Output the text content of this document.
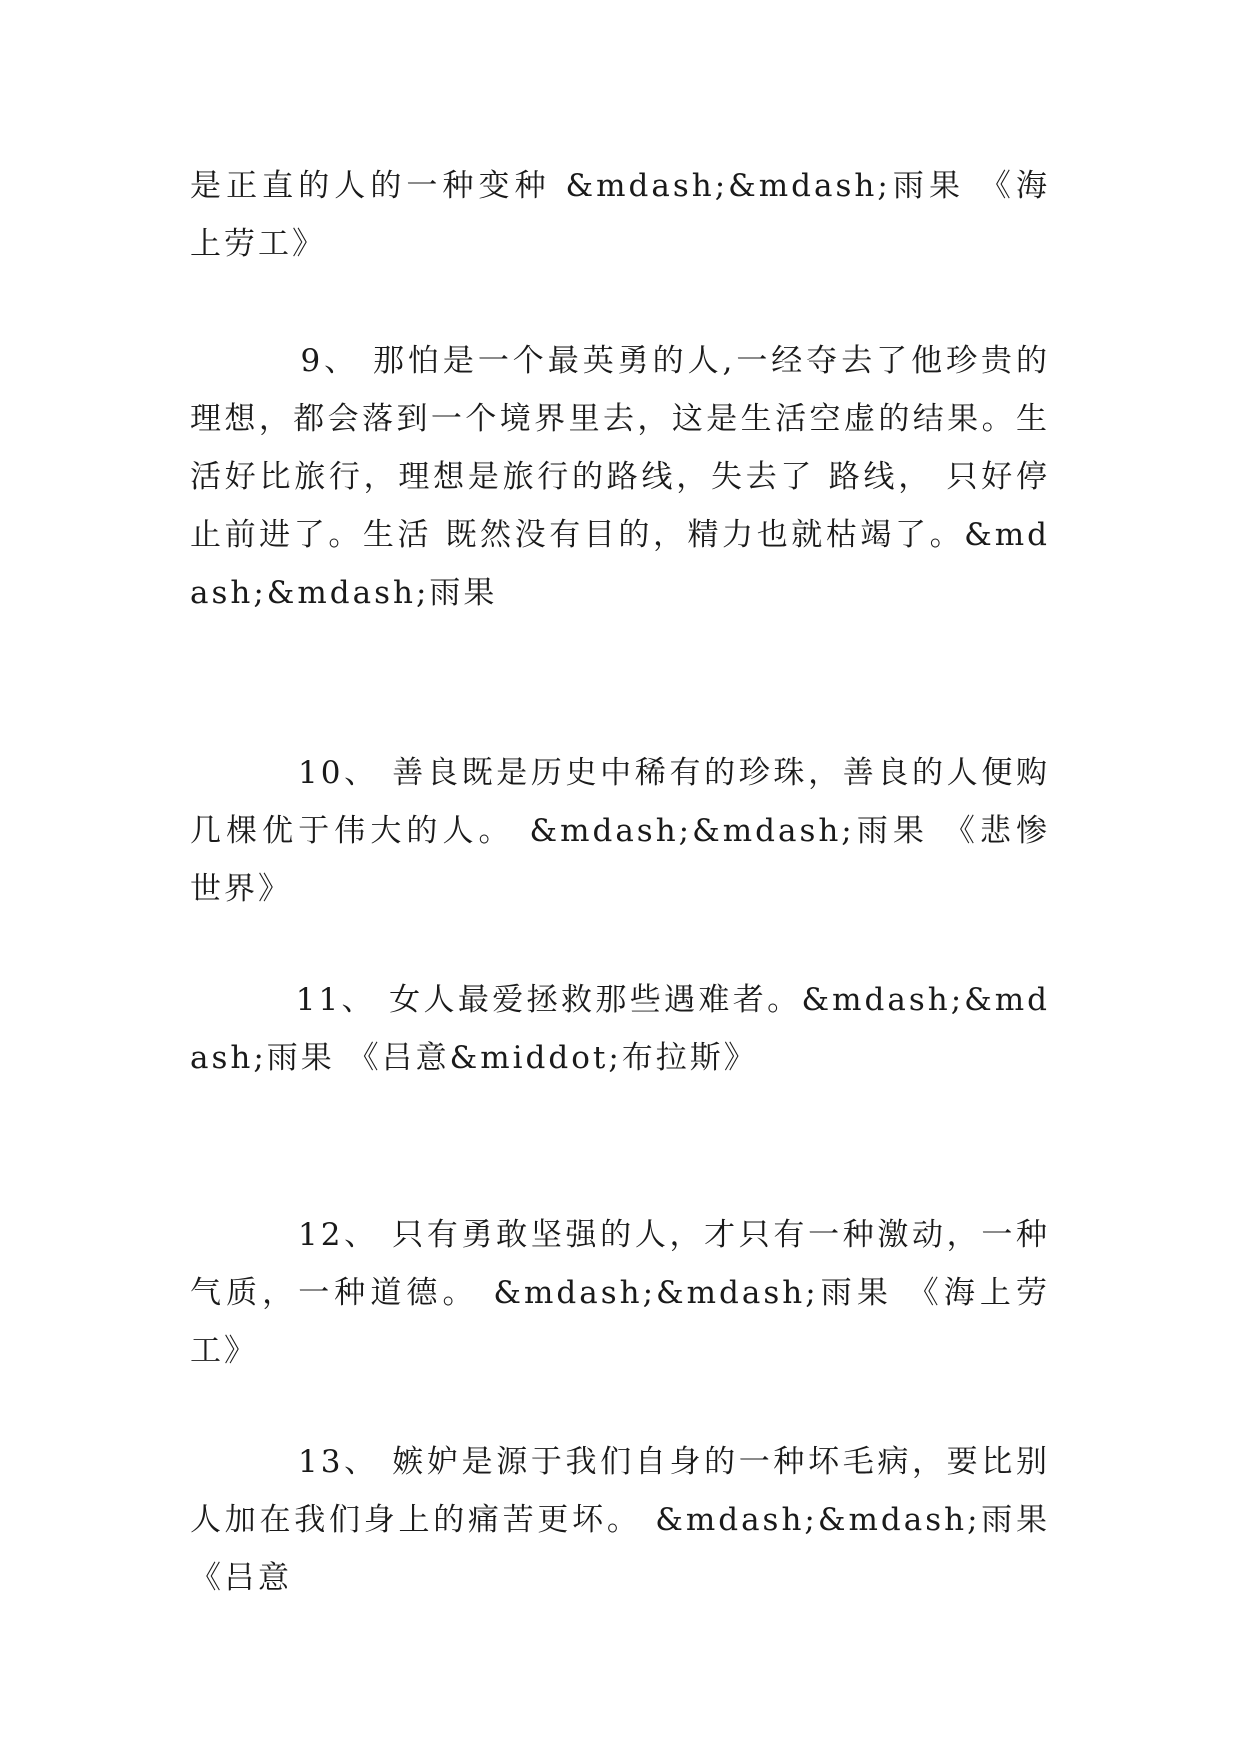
是正直的人的一种变种 &mdash;&mdash;雨果 《海上劳工》

9、 那怕是一个最英勇的人,一经夺去了他珍贵的理想，都会落到一个境界里去，这是生活空虚的结果。生活好比旅行，理想是旅行的路线，失去了 路线， 只好停止前进了。生活 既然没有目的，精力也就枯竭了。&mdash;&mdash;雨果

10、 善良既是历史中稀有的珍珠，善良的人便购几棵优于伟大的人。 &mdash;&mdash;雨果 《悲惨世界》

11、 女人最爱拯救那些遇难者。&mdash;&mdash;雨果 《吕意&middot;布拉斯》

12、 只有勇敢坚强的人，才只有一种激动，一种气质，一种道德。 &mdash;&mdash;雨果 《海上劳工》

13、 嫉妒是源于我们自身的一种坏毛病，要比别人加在我们身上的痛苦更坏。 &mdash;&mdash;雨果 《吕意
